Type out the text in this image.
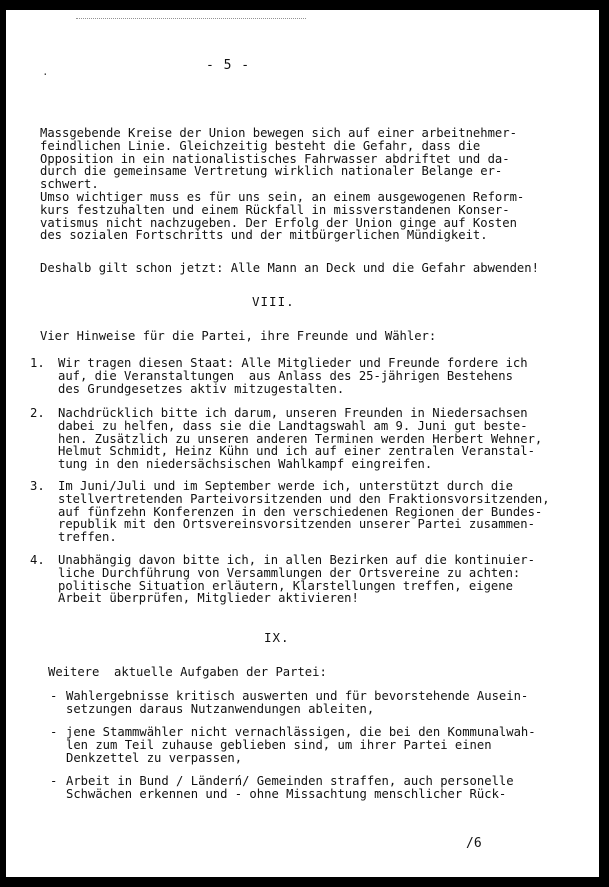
.	- 5 -
Massgebende Kreise der Union bewegen sich auf einer arbeitnehmer-
feindlichen Linie. Gleichzeitig besteht die Gefahr, dass die
Opposition in ein nationalistisches Fahrwasser abdriftet und da-
durch die gemeinsame Vertretung wirklich nationaler Belange er-
schwert.
Umso wichtiger muss es für uns sein, an einem ausgewogenen Reform-
kurs festzuhalten und einem Rückfall in missverstandenen Konser-
vatismus nicht nachzugeben. Der Erfolg der Union ginge auf Kosten
des sozialen Fortschritts und der mitbürgerlichen Mündigkeit.
Deshalb gilt schon jetzt: Alle Mann an Deck und die Gefahr abwenden!
VIII.
Vier Hinweise für die Partei, ihre Freunde und Wähler:
1. Wir tragen diesen Staat: Alle Mitglieder und Freunde fordere ich
auf, die Veranstaltungen  aus Anlass des 25-jährigen Bestehens
des Grundgesetzes aktiv mitzugestalten.
2. Nachdrücklich bitte ich darum, unseren Freunden in Niedersachsen
dabei zu helfen, dass sie die Landtagswahl am 9. Juni gut beste-
hen. Zusätzlich zu unseren anderen Terminen werden Herbert Wehner,
Helmut Schmidt, Heinz Kühn und ich auf einer zentralen Veranstal-
tung in den niedersächsischen Wahlkampf eingreifen.
3. Im Juni/Juli und im September werde ich, unterstützt durch die
stellvertretenden Parteivorsitzenden und den Fraktionsvorsitzenden,
auf fünfzehn Konferenzen in den verschiedenen Regionen der Bundes-
republik mit den Ortsvereinsvorsitzenden unserer Partei zusammen-
treffen.
4. Unabhängig davon bitte ich, in allen Bezirken auf die kontinuier-
liche Durchführung von Versammlungen der Ortsvereine zu achten:
politische Situation erläutern, Klarstellungen treffen, eigene
Arbeit überprüfen, Mitglieder aktivieren!
IX.
Weitere  aktuelle Aufgaben der Partei:
- Wahlergebnisse kritisch auswerten und für bevorstehende Ausein-
setzungen daraus Nutzanwendungen ableiten,
- jene Stammwähler nicht vernachlässigen, die bei den Kommunalwah-
len zum Teil zuhause geblieben sind, um ihrer Partei einen
Denkzettel zu verpassen,
- Arbeit in Bund / Länderń/ Gemeinden straffen, auch personelle
Schwächen erkennen und - ohne Missachtung menschlicher Rück-
/6
